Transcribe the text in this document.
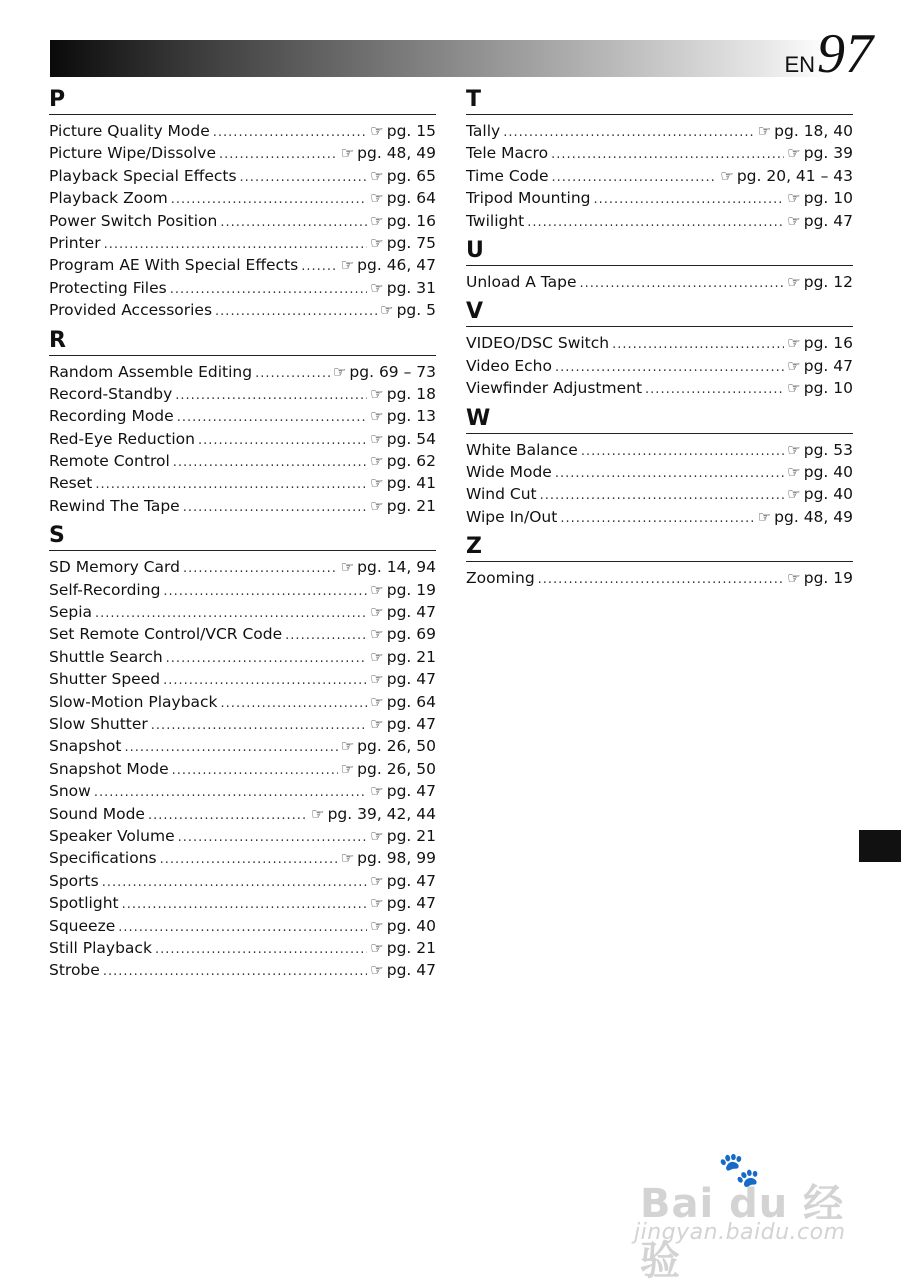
EN 97
P
Picture Quality Mode .....	☞ pg. 15
Picture Wipe/Dissolve .....	☞ pg. 48, 49
Playback Special Effects .....	☞ pg. 65
Playback Zoom .....	☞ pg. 64
Power Switch Position .....	☞ pg. 16
Printer .....	☞ pg. 75
Program AE With Special Effects .....	☞ pg. 46, 47
Protecting Files .....	☞ pg. 31
Provided Accessories .....	☞ pg. 5
R
Random Assemble Editing .....	☞ pg. 69 – 73
Record-Standby .....	☞ pg. 18
Recording Mode .....	☞ pg. 13
Red-Eye Reduction .....	☞ pg. 54
Remote Control .....	☞ pg. 62
Reset .....	☞ pg. 41
Rewind The Tape .....	☞ pg. 21
S
SD Memory Card .....	☞ pg. 14, 94
Self-Recording .....	☞ pg. 19
Sepia .....	☞ pg. 47
Set Remote Control/VCR Code .....	☞ pg. 69
Shuttle Search .....	☞ pg. 21
Shutter Speed .....	☞ pg. 47
Slow-Motion Playback .....	☞ pg. 64
Slow Shutter .....	☞ pg. 47
Snapshot .....	☞ pg. 26, 50
Snapshot Mode .....	☞ pg. 26, 50
Snow .....	☞ pg. 47
Sound Mode .....	☞ pg. 39, 42, 44
Speaker Volume .....	☞ pg. 21
Specifications .....	☞ pg. 98, 99
Sports .....	☞ pg. 47
Spotlight .....	☞ pg. 47
Squeeze .....	☞ pg. 40
Still Playback .....	☞ pg. 21
Strobe .....	☞ pg. 47
T
Tally .....	☞ pg. 18, 40
Tele Macro .....	☞ pg. 39
Time Code .....	☞ pg. 20, 41 – 43
Tripod Mounting .....	☞ pg. 10
Twilight .....	☞ pg. 47
U
Unload A Tape .....	☞ pg. 12
V
VIDEO/DSC Switch .....	☞ pg. 16
Video Echo .....	☞ pg. 47
Viewfinder Adjustment .....	☞ pg. 10
W
White Balance .....	☞ pg. 53
Wide Mode .....	☞ pg. 40
Wind Cut .....	☞ pg. 40
Wipe In/Out .....	☞ pg. 48, 49
Z
Zooming .....	☞ pg. 19
🐾
Bai du 经验
jingyan.baidu.com
